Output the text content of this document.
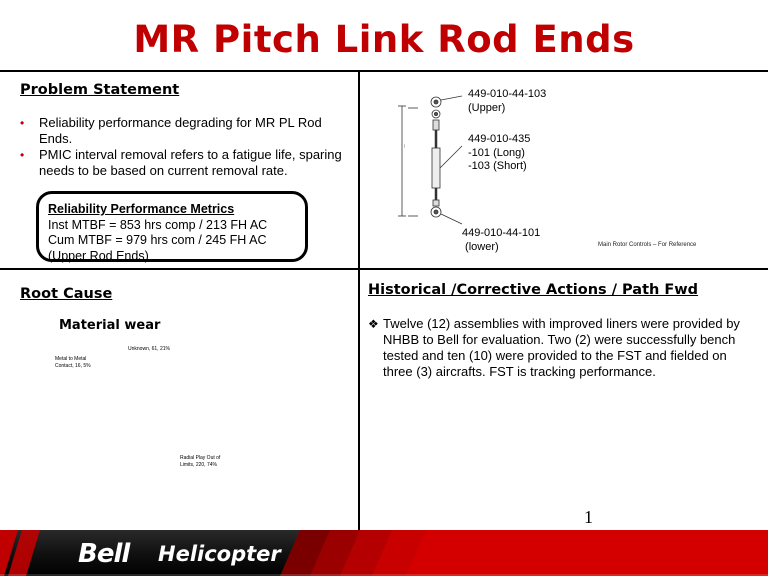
MR Pitch Link Rod Ends
Problem Statement
• Reliability performance degrading for MR PL Rod Ends.
• PMIC interval removal refers to a fatigue life, sparing needs to be based on current removal rate.
Reliability Performance Metrics
Inst MTBF = 853 hrs comp / 213 FH AC
Cum MTBF = 979 hrs com / 245 FH AC
(Upper Rod Ends)
—
449-010-44-103
(Upper)
449-010-435
-101 (Long)
-103 (Short)
449-010-44-101
(lower)	Main Rotor Controls – For Reference
Root Cause
Material wear
Unknown, 61, 21%
Metal to Metal Contact, 16, 5%
Radial Play Out of Limits, 220, 74%
Historical /Corrective Actions / Path Fwd
❖ Twelve (12) assemblies with improved liners were provided by NHBB to Bell for evaluation. Two (2) were successfully bench tested and ten (10) were provided to the FST and fielded on three (3) aircrafts. FST is tracking performance.
1
Bell Helicopter
